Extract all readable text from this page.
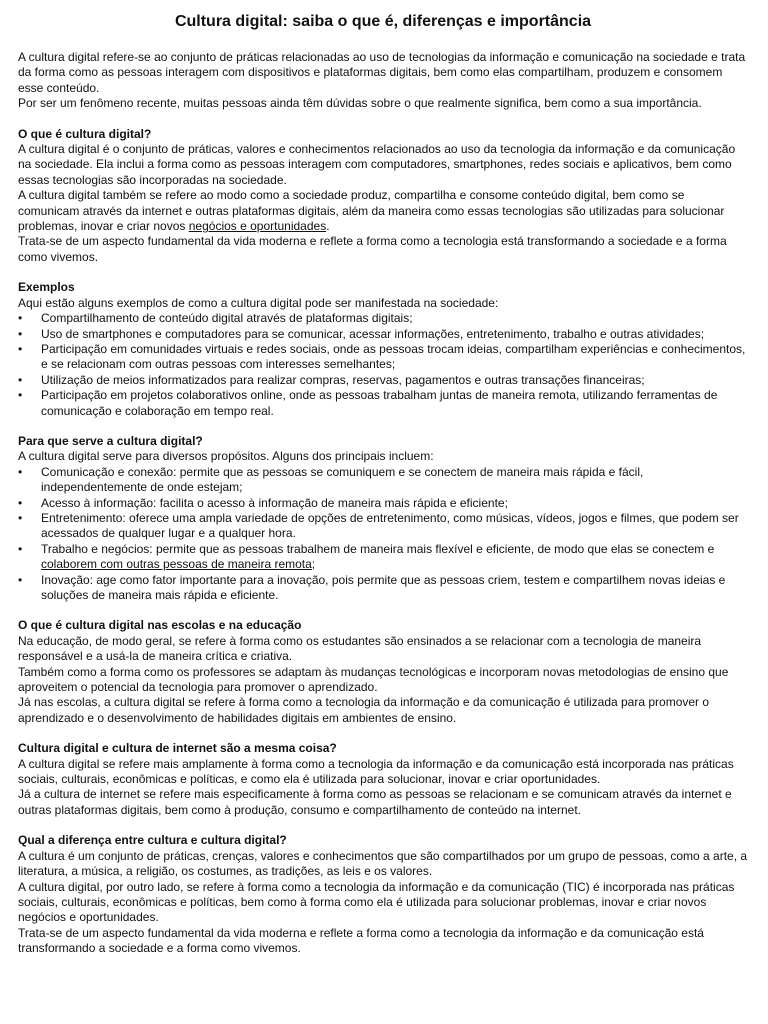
Cultura digital: saiba o que é, diferenças e importância

A cultura digital refere-se ao conjunto de práticas relacionadas ao uso de tecnologias da informação e comunicação na sociedade e trata da forma como as pessoas interagem com dispositivos e plataformas digitais, bem como elas compartilham, produzem e consomem esse conteúdo.

Por ser um fenômeno recente, muitas pessoas ainda têm dúvidas sobre o que realmente significa, bem como a sua importância.

O que é cultura digital?

A cultura digital é o conjunto de práticas, valores e conhecimentos relacionados ao uso da tecnologia da informação e da comunicação na sociedade. Ela inclui a forma como as pessoas interagem com computadores, smartphones, redes sociais e aplicativos, bem como essas tecnologias são incorporadas na sociedade.

A cultura digital também se refere ao modo como a sociedade produz, compartilha e consome conteúdo digital, bem como se comunicam através da internet e outras plataformas digitais, além da maneira como essas tecnologias são utilizadas para solucionar problemas, inovar e criar novos negócios e oportunidades.

Trata-se de um aspecto fundamental da vida moderna e reflete a forma como a tecnologia está transformando a sociedade e a forma como vivemos.

Exemplos

Aqui estão alguns exemplos de como a cultura digital pode ser manifestada na sociedade:

• Compartilhamento de conteúdo digital através de plataformas digitais;
• Uso de smartphones e computadores para se comunicar, acessar informações, entretenimento, trabalho e outras atividades;
• Participação em comunidades virtuais e redes sociais, onde as pessoas trocam ideias, compartilham experiências e conhecimentos, e se relacionam com outras pessoas com interesses semelhantes;
• Utilização de meios informatizados para realizar compras, reservas, pagamentos e outras transações financeiras;
• Participação em projetos colaborativos online, onde as pessoas trabalham juntas de maneira remota, utilizando ferramentas de comunicação e colaboração em tempo real.
Para que serve a cultura digital?

A cultura digital serve para diversos propósitos. Alguns dos principais incluem:

• Comunicação e conexão: permite que as pessoas se comuniquem e se conectem de maneira mais rápida e fácil, independentemente de onde estejam;
• Acesso à informação: facilita o acesso à informação de maneira mais rápida e eficiente;
• Entretenimento: oferece uma ampla variedade de opções de entretenimento, como músicas, vídeos, jogos e filmes, que podem ser acessados de qualquer lugar e a qualquer hora.
• Trabalho e negócios: permite que as pessoas trabalhem de maneira mais flexível e eficiente, de modo que elas se conectem e colaborem com outras pessoas de maneira remota;
• Inovação: age como fator importante para a inovação, pois permite que as pessoas criem, testem e compartilhem novas ideias e soluções de maneira mais rápida e eficiente.
O que é cultura digital nas escolas e na educação

Na educação, de modo geral, se refere à forma como os estudantes são ensinados a se relacionar com a tecnologia de maneira responsável e a usá-la de maneira crítica e criativa.

Também como a forma como os professores se adaptam às mudanças tecnológicas e incorporam novas metodologias de ensino que aproveitem o potencial da tecnologia para promover o aprendizado.

Já nas escolas, a cultura digital se refere à forma como a tecnologia da informação e da comunicação é utilizada para promover o aprendizado e o desenvolvimento de habilidades digitais em ambientes de ensino.

Cultura digital e cultura de internet são a mesma coisa?

A cultura digital se refere mais amplamente à forma como a tecnologia da informação e da comunicação está incorporada nas práticas sociais, culturais, econômicas e políticas, e como ela é utilizada para solucionar, inovar e criar oportunidades.

Já a cultura de internet se refere mais especificamente à forma como as pessoas se relacionam e se comunicam através da internet e outras plataformas digitais, bem como à produção, consumo e compartilhamento de conteúdo na internet.

Qual a diferença entre cultura e cultura digital?

A cultura é um conjunto de práticas, crenças, valores e conhecimentos que são compartilhados por um grupo de pessoas, como a arte, a literatura, a música, a religião, os costumes, as tradições, as leis e os valores.

A cultura digital, por outro lado, se refere à forma como a tecnologia da informação e da comunicação (TIC) é incorporada nas práticas sociais, culturais, econômicas e políticas, bem como à forma como ela é utilizada para solucionar problemas, inovar e criar novos negócios e oportunidades.

Trata-se de um aspecto fundamental da vida moderna e reflete a forma como a tecnologia da informação e da comunicação está transformando a sociedade e a forma como vivemos.
